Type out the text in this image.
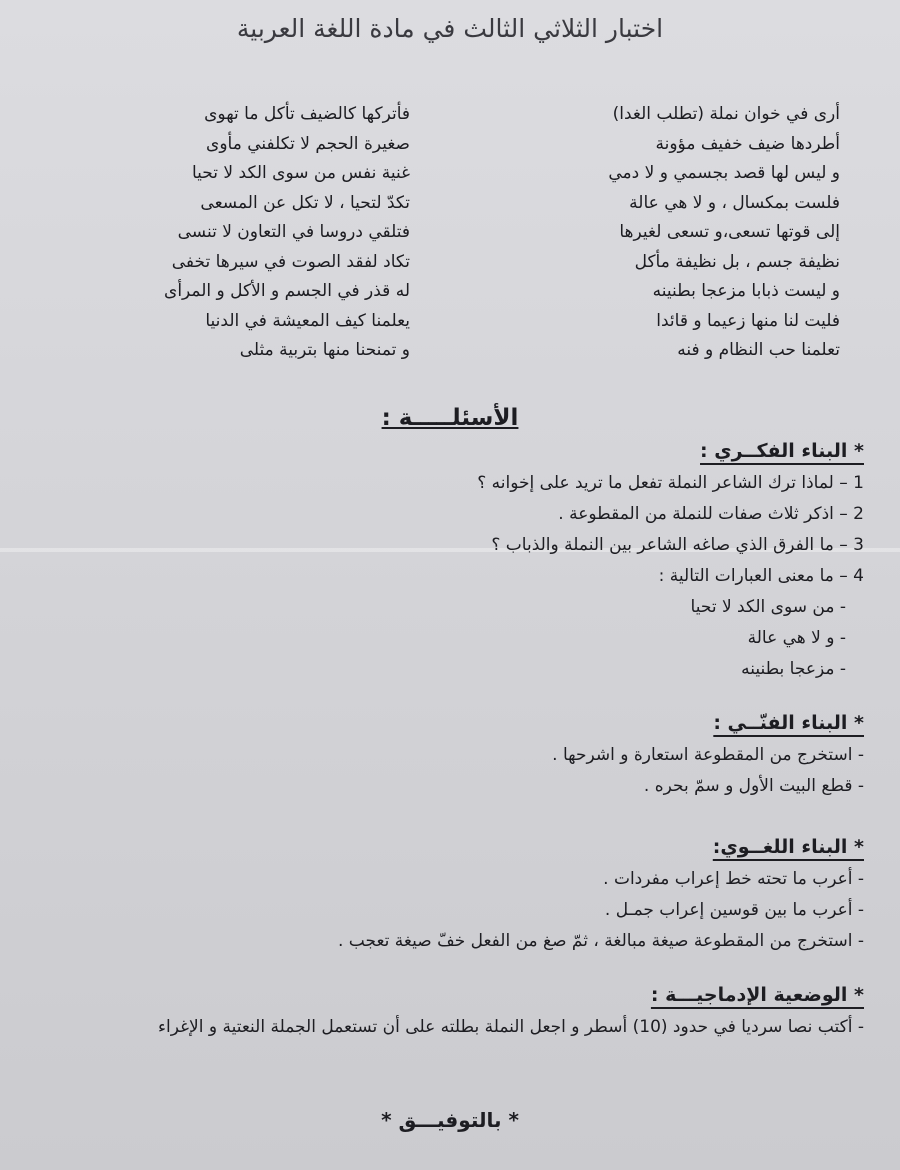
اختبار الثلاثي الثالث في مادة اللغة العربية
أرى في خوان نملة (تطلب الغدا)
أطردها ضيف خفيف مؤونة
و ليس لها قصد بجسمي و لا دمي
فلست بمكسال ، و لا هي عالة
إلى قوتها تسعى،و تسعى لغيرها
نظيفة جسم ، بل نظيفة مأكل
و ليست ذبابا مزعجا بطنينه
فليت لنا منها زعيما و قائدا
تعلمنا حب النظام و فنه
فأتركها كالضيف تأكل ما تهوى
صغيرة الحجم لا تكلفني مأوى
غنية نفس من سوى الكد لا تحيا
تكدّ لتحيا ، لا تكل عن المسعى
فتلقي دروسا في التعاون لا تنسى
تكاد لفقد الصوت في سيرها تخفى
له قذر في الجسم و الأكل و المرأى
يعلمنا كيف المعيشة في الدنيا
و تمنحنا منها بتربية مثلى
الأسئلـــــة :
* البناء الفكــري :
1 – لماذا ترك الشاعر النملة تفعل ما تريد على إخوانه ؟
2 – اذكر ثلاث صفات للنملة من المقطوعة .
3 – ما الفرق الذي صاغه الشاعر بين النملة والذباب ؟
4 – ما معنى العبارات التالية :
- من سوى الكد لا تحيا
- و لا هي عالة
- مزعجا بطنينه
* البناء الفنّــي :
- استخرج من المقطوعة استعارة و اشرحها .
- قطع البيت الأول و سمّ بحره .
* البناء اللغــوي:
- أعرب ما تحته خط إعراب مفردات .
- أعرب ما بين قوسين إعراب جمـل .
- استخرج من المقطوعة صيغة مبالغة ، ثمّ صغ من الفعل خفّ صيغة تعجب .
* الوضعية الإدماجيـــة :
- أكتب نصا سرديا في حدود (10) أسطر و اجعل النملة بطلته على أن تستعمل الجملة النعتية و الإغراء
* بالتوفيـــق *
